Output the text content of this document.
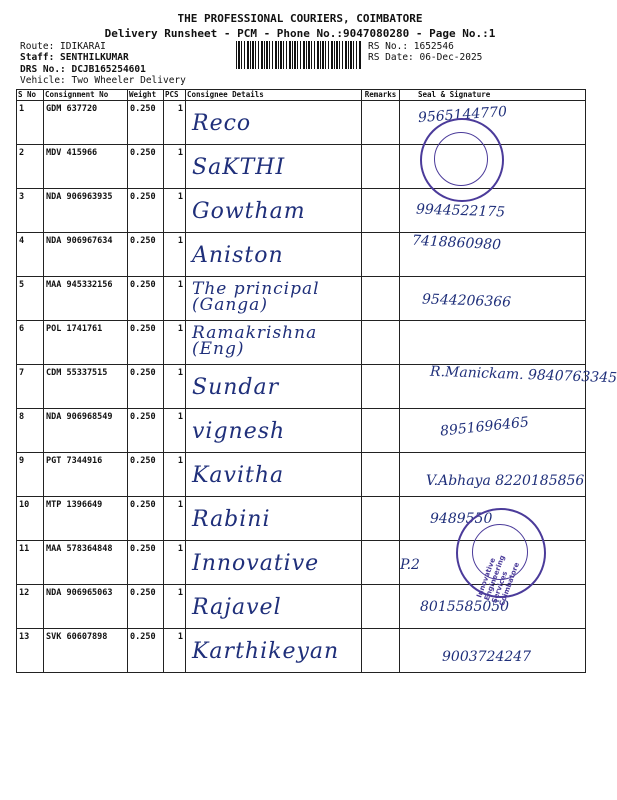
THE PROFESSIONAL COURIERS, COIMBATORE
Delivery Runsheet - PCM - Phone No.:9047080280 - Page No.:1
Route: IDIKARAI
Staff: SENTHILKUMAR
DRS No.: DCJB165254601
Vehicle: Two Wheeler Delivery
RS No.: 1652546
RS Date: 06-Dec-2025
S No	Consignment No	Weight	PCS	Consignee Details	Remarks	Seal & Signature
1	GDM 637720	0.250	1	Reco		9565144770

2	MDV 415966	0.250	1	SaKTHI		

3	NDA 906963935	0.250	1	Gowtham		9944522175

4	NDA 906967634	0.250	1	Aniston		7418860980

5	MAA 945332156	0.250	1	The principal (Ganga)		9544206366

6	POL 1741761	0.250	1	Ramakrishna (Eng)		

7	CDM 55337515	0.250	1	Sundar		R.Manickam. 9840763345

8	NDA 906968549	0.250	1	vignesh		8951696465

9	PGT 7344916	0.250	1	Kavitha		V.Abhaya 8220185856

10	MTP 1396649	0.250	1	Rabini		9489550

11	MAA 578364848	0.250	1	Innovative		P.2

12	NDA 906965063	0.250	1	Rajavel		8015585050

13	SVK 60607898	0.250	1	Karthikeyan		9003724247
Innovative Engineering Services Coimbatore
